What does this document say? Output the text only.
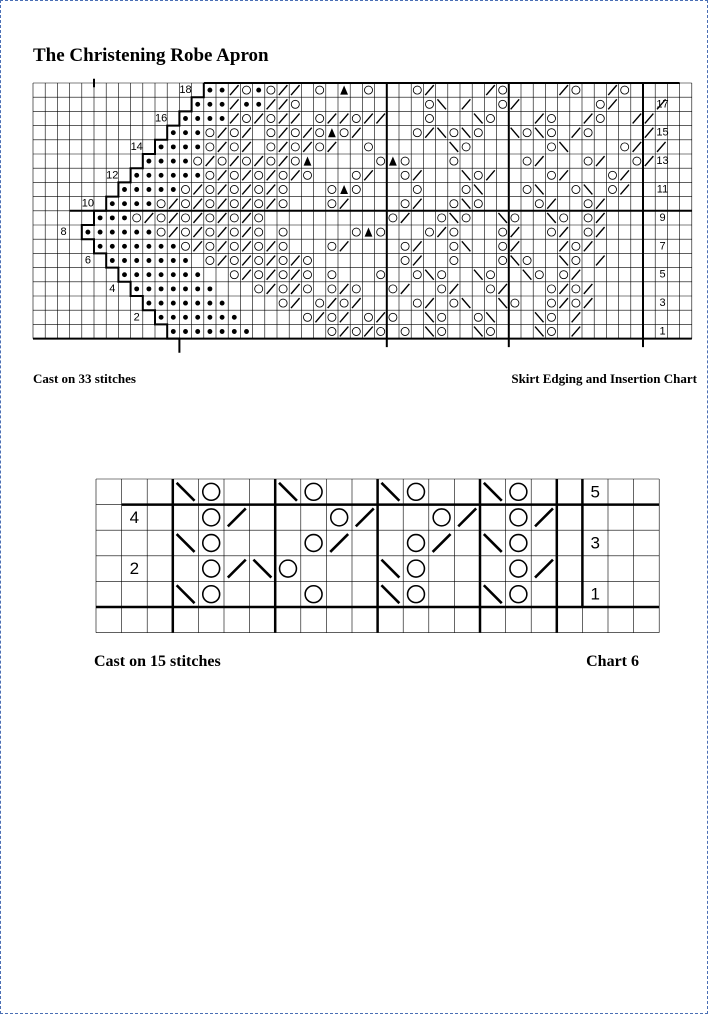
The Christening Robe Apron
17
15
13
11
9
7
5
3
1
18
16
14
12
10
8
6
4
2
5
3
1
4
2
Cast on 33 stitches	Skirt Edging and Insertion Chart
Cast on 15 stitches	Chart 6
